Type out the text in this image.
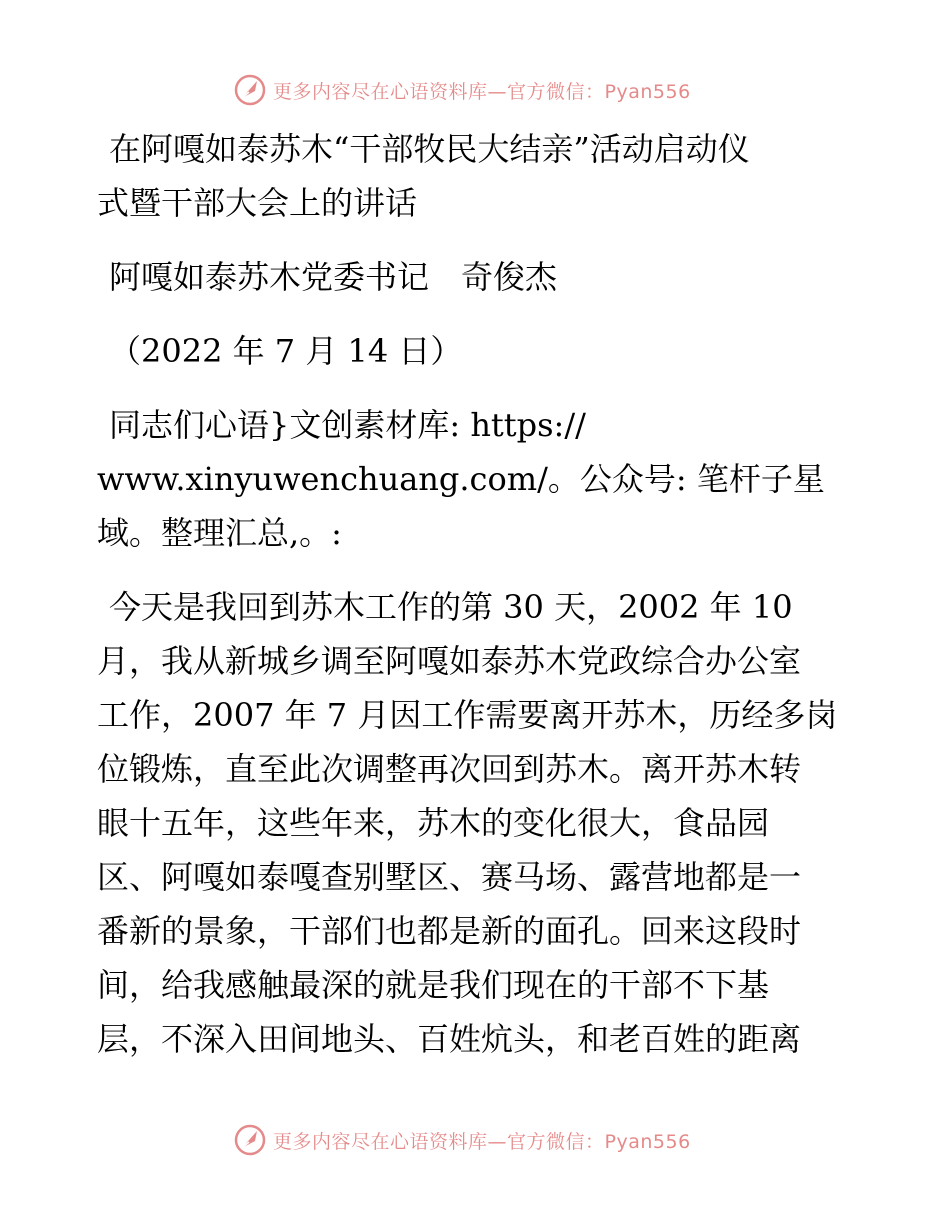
更多内容尽在心语资料库—官方微信：Pyan556
在阿嘎如泰苏木“干部牧民大结亲”活动启动仪
式暨干部大会上的讲话
阿嘎如泰苏木党委书记　奇俊杰
（2022 年 7 月 14 日）
同志们心语}文创素材库: https://
www.xinyuwenchuang.com/。公众号: 笔杆子星
域。整理汇总,。:
今天是我回到苏木工作的第 30 天，2002 年 10
月，我从新城乡调至阿嘎如泰苏木党政综合办公室
工作，2007 年 7 月因工作需要离开苏木，历经多岗
位锻炼，直至此次调整再次回到苏木。离开苏木转
眼十五年，这些年来，苏木的变化很大，食品园
区、阿嘎如泰嘎查别墅区、赛马场、露营地都是一
番新的景象，干部们也都是新的面孔。回来这段时
间，给我感触最深的就是我们现在的干部不下基
层，不深入田间地头、百姓炕头，和老百姓的距离
更多内容尽在心语资料库—官方微信：Pyan556
